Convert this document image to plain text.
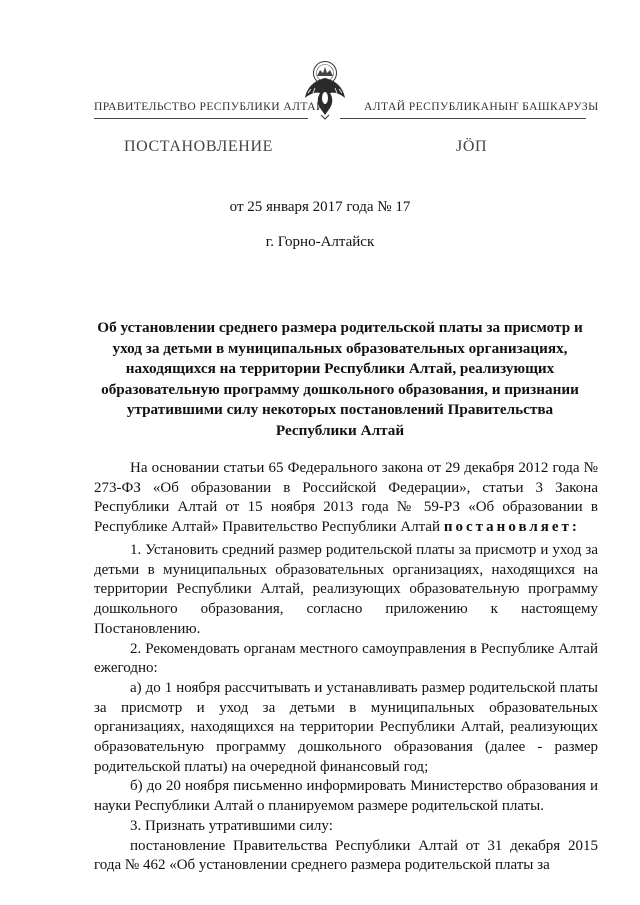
ПРАВИТЕЛЬСТВО РЕСПУБЛИКИ АЛТАЙ	АЛТАЙ РЕСПУБЛИКАНЫҤ БАШКАРУЗЫ
ПОСТАНОВЛЕНИЕ	ЈÖП
от 25 января 2017 года № 17
г. Горно-Алтайск
Об установлении среднего размера родительской платы за присмотр и уход за детьми в муниципальных образовательных организациях, находящихся на территории Республики Алтай, реализующих образовательную программу дошкольного образования, и признании утратившими силу некоторых постановлений Правительства Республики Алтай

На основании статьи 65 Федерального закона от 29 декабря 2012 года № 273-ФЗ «Об образовании в Российской Федерации», статьи 3 Закона Республики Алтай от 15 ноября 2013 года № 59-РЗ «Об образовании в Республике Алтай» Правительство Республики Алтай постановляет:

1. Установить средний размер родительской платы за присмотр и уход за детьми в муниципальных образовательных организациях, находящихся на территории Республики Алтай, реализующих образовательную программу дошкольного образования, согласно приложению к настоящему Постановлению.

2. Рекомендовать органам местного самоуправления в Республике Алтай ежегодно:

а) до 1 ноября рассчитывать и устанавливать размер родительской платы за присмотр и уход за детьми в муниципальных образовательных организациях, находящихся на территории Республики Алтай, реализующих образовательную программу дошкольного образования (далее - размер родительской платы) на очередной финансовый год;

б) до 20 ноября письменно информировать Министерство образования и науки Республики Алтай о планируемом размере родительской платы.

3. Признать утратившими силу:

постановление Правительства Республики Алтай от 31 декабря 2015 года № 462 «Об установлении среднего размера родительской платы за
